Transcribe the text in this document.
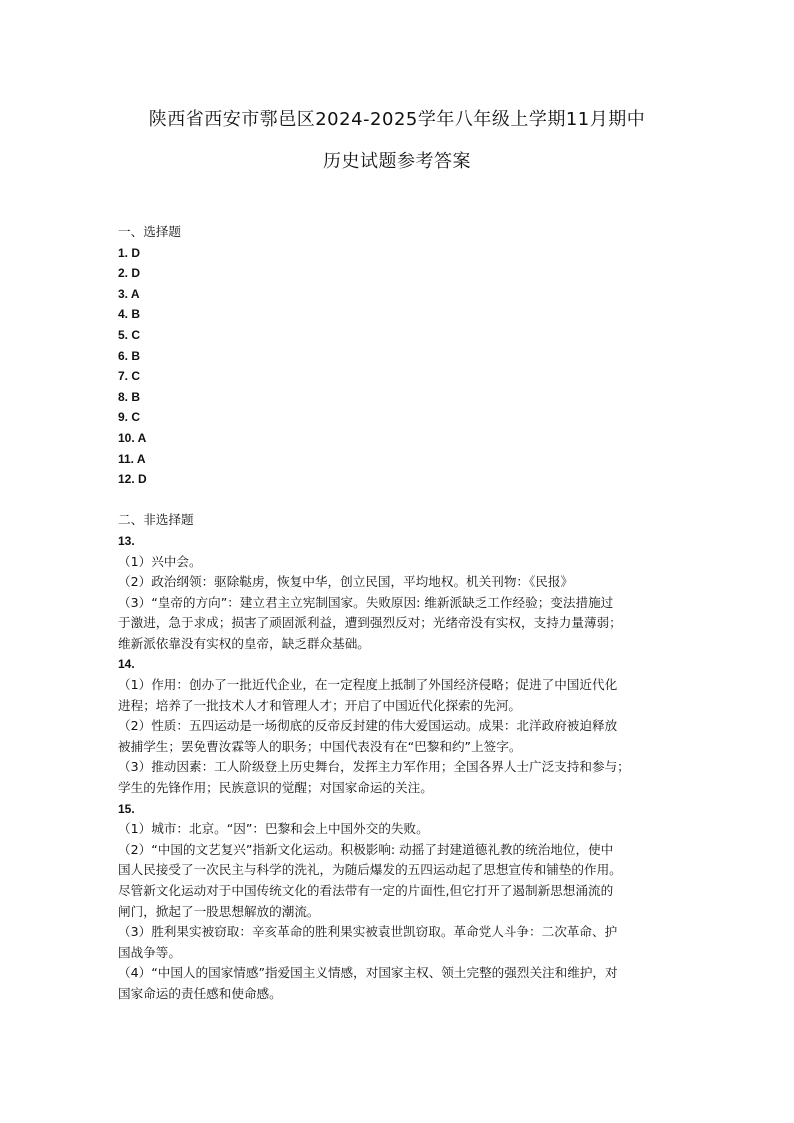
陕西省西安市鄠邑区2024-2025学年八年级上学期11月期中
历史试题参考答案
一、选择题
1. D
2. D
3. A
4. B
5. C
6. B
7. C
8. B
9. C
10. A
11. A
12. D
二、非选择题
13.
（1）兴中会。
（2）政治纲领：驱除鞑虏，恢复中华，创立民国，平均地权。机关刊物：《民报》
（3）“皇帝的方向”：建立君主立宪制国家。失败原因: 维新派缺乏工作经验；变法措施过
于激进，急于求成；损害了顽固派利益，遭到强烈反对；光绪帝没有实权，支持力量薄弱；
维新派依靠没有实权的皇帝，缺乏群众基础。
14.
（1）作用：创办了一批近代企业，在一定程度上抵制了外国经济侵略；促进了中国近代化
进程；培养了一批技术人才和管理人才；开启了中国近代化探索的先河。
（2）性质：五四运动是一场彻底的反帝反封建的伟大爱国运动。成果：北洋政府被迫释放
被捕学生；罢免曹汝霖等人的职务；中国代表没有在“巴黎和约”上签字。
（3）推动因素：工人阶级登上历史舞台，发挥主力军作用；全国各界人士广泛支持和参与；
学生的先锋作用；民族意识的觉醒；对国家命运的关注。
15.
（1）城市：北京。“因”：巴黎和会上中国外交的失败。
（2）“中国的文艺复兴”指新文化运动。积极影响: 动摇了封建道德礼教的统治地位，使中
国人民接受了一次民主与科学的洗礼，为随后爆发的五四运动起了思想宣传和铺垫的作用。
尽管新文化运动对于中国传统文化的看法带有一定的片面性,但它打开了遏制新思想涌流的
闸门，掀起了一股思想解放的潮流。
（3）胜利果实被窃取：辛亥革命的胜利果实被袁世凯窃取。革命党人斗争：二次革命、护
国战争等。
（4）“中国人的国家情感”指爱国主义情感，对国家主权、领土完整的强烈关注和维护，对
国家命运的责任感和使命感。
